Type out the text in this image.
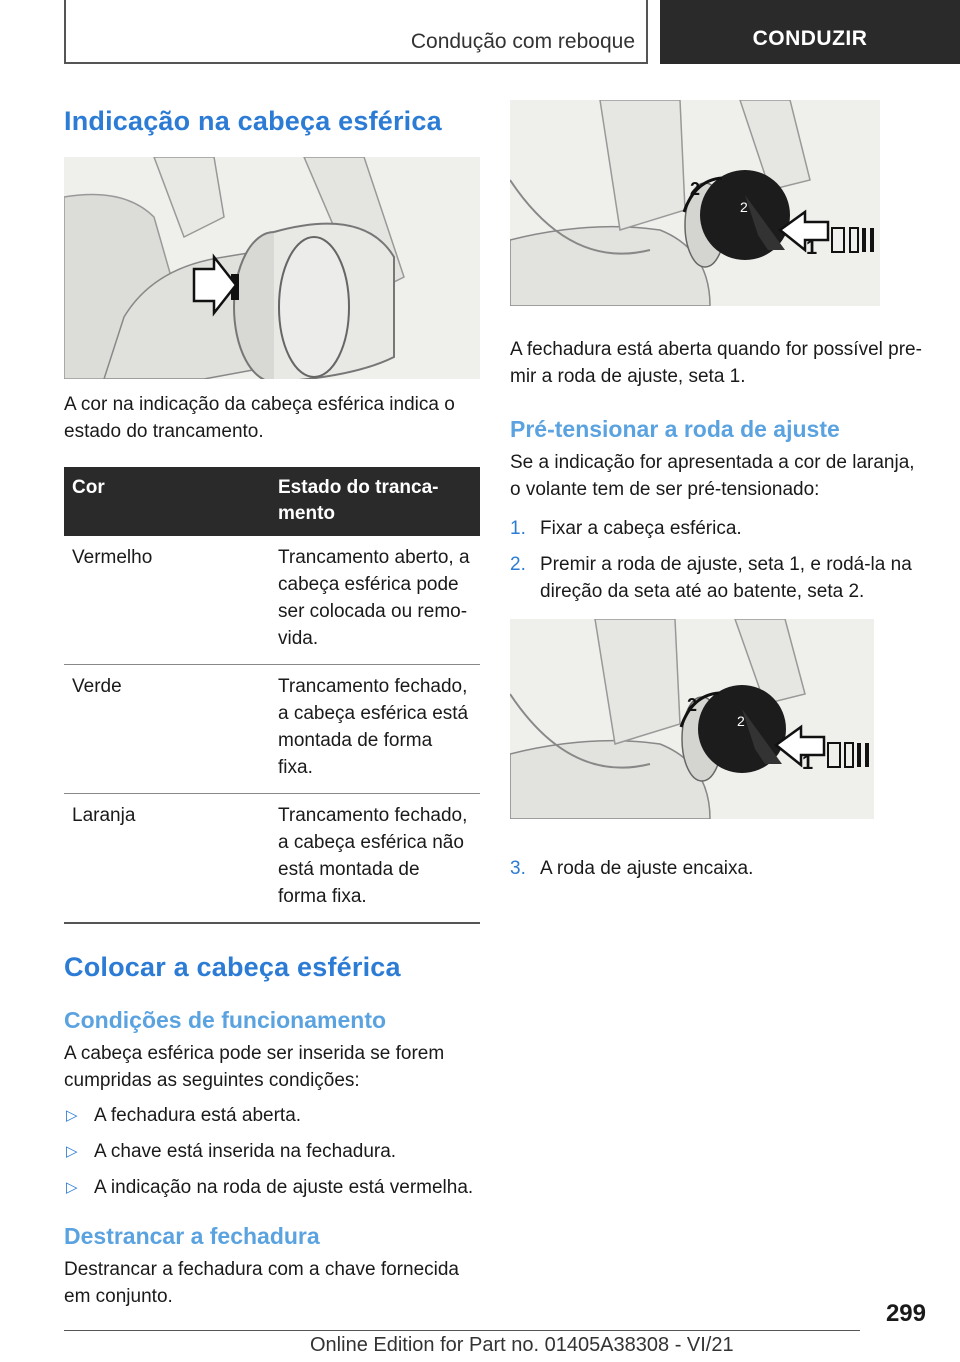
Condução com reboque	CONDUZIR
Indicação na cabeça esférica

A cor na indicação da cabeça esférica indica o estado do trancamento.

Cor	Estado do tranca-mento
Vermelho	Trancamento aberto, a cabeça esférica pode ser colocada ou remo-vida.
Verde	Trancamento fechado, a cabeça esférica está montada de forma fixa.
Laranja	Trancamento fechado, a cabeça esférica não está montada de forma fixa.
Colocar a cabeça esférica
Condições de funcionamento

A cabeça esférica pode ser inserida se forem cumpridas as seguintes condições:

▷ A fechadura está aberta.
▷ A chave está inserida na fechadura.
▷ A indicação na roda de ajuste está vermelha.
Destrancar a fechadura

Destrancar a fechadura com a chave fornecida em conjunto.

2
2
1

A fechadura está aberta quando for possível pre-mir a roda de ajuste, seta 1.

Pré-tensionar a roda de ajuste

Se a indicação for apresentada a cor de laranja, o volante tem de ser pré-tensionado:

1. Fixar a cabeça esférica.
2. Premir a roda de ajuste, seta 1, e rodá-la na direção da seta até ao batente, seta 2.
2
2
1
3. A roda de ajuste encaixa.
299
Online Edition for Part no. 01405A38308 - VI/21
